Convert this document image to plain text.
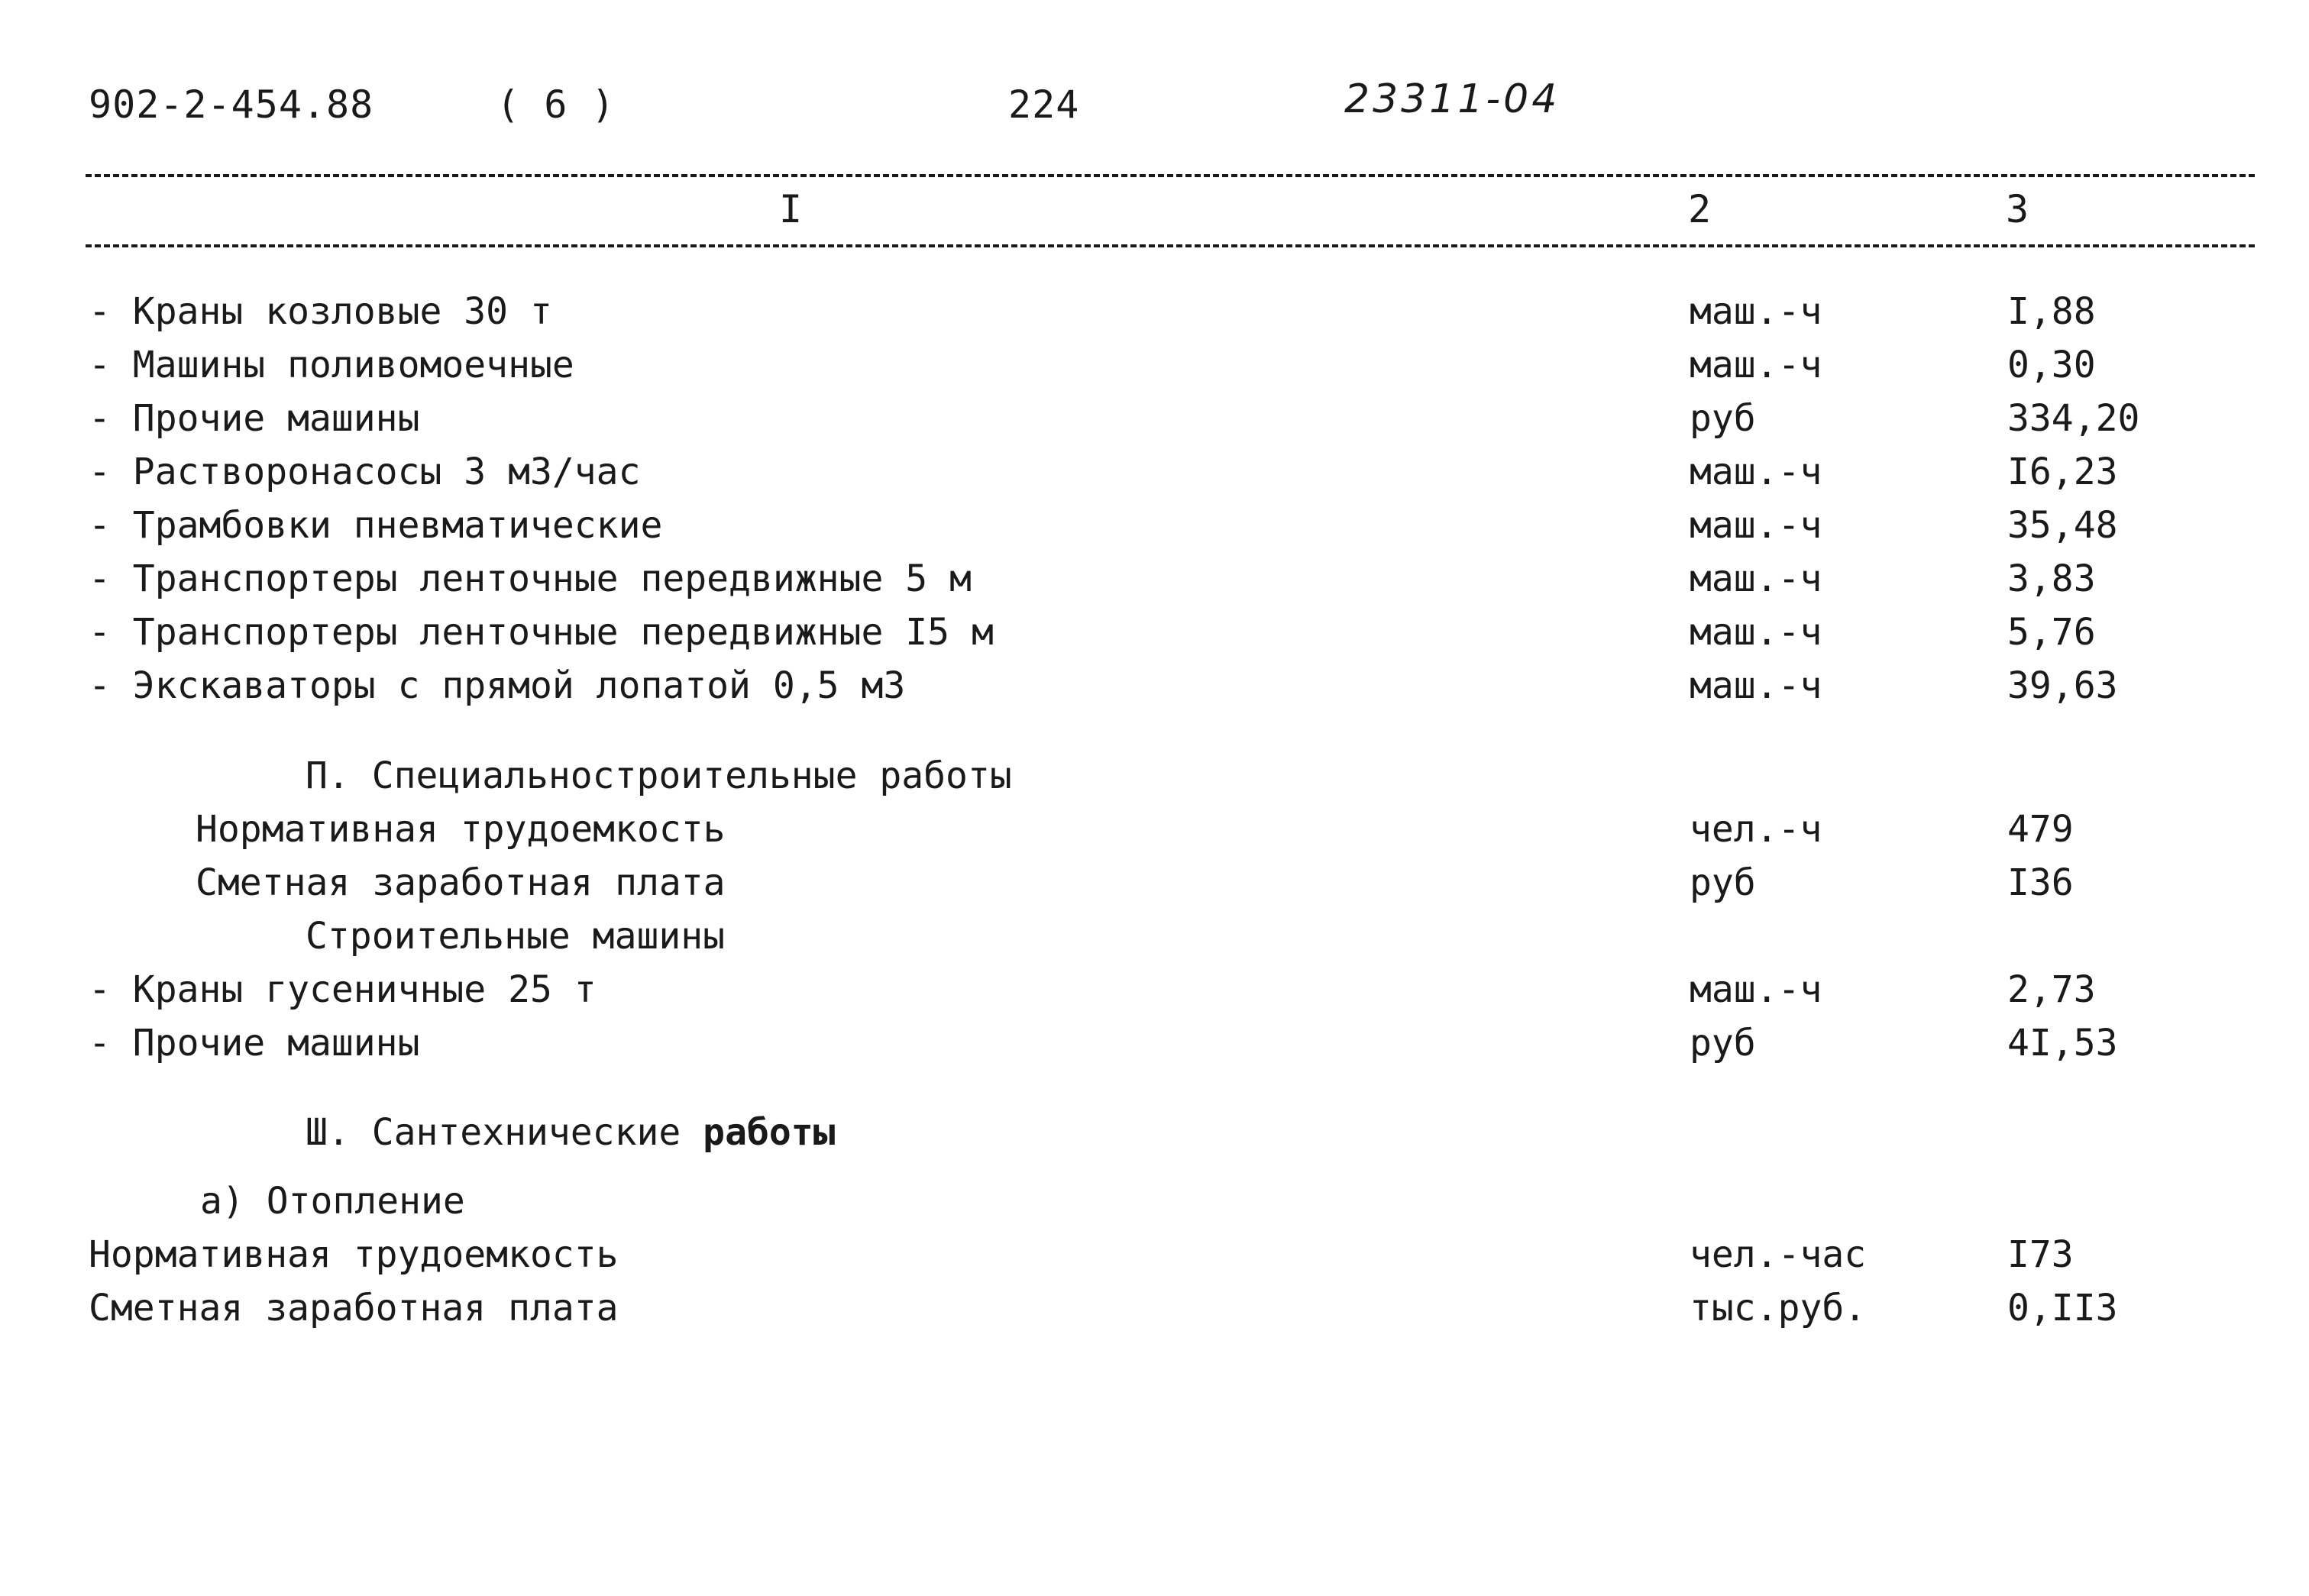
902-2-454.88	( 6 )	224	23311-04
I	2	3
- Краны козловые 30 т	маш.-ч	I,88
- Машины поливомоечные	маш.-ч	0,30
- Прочие машины	руб	334,20
- Растворонасосы 3 м3/час	маш.-ч	I6,23
- Трамбовки пневматические	маш.-ч	35,48
- Транспортеры ленточные передвижные 5 м	маш.-ч	3,83
- Транспортеры ленточные передвижные I5 м	маш.-ч	5,76
- Экскаваторы с прямой лопатой 0,5 м3	маш.-ч	39,63
П. Специальностроительные работы
Нормативная трудоемкость	чел.-ч	479
Сметная заработная плата	руб	I36
Строительные машины
- Краны гусеничные 25 т	маш.-ч	2,73
- Прочие машины	руб	4I,53
Ш. Сантехнические работы
а) Отопление
Нормативная трудоемкость	чел.-час	I73
Сметная заработная плата	тыс.руб.	0,II3
